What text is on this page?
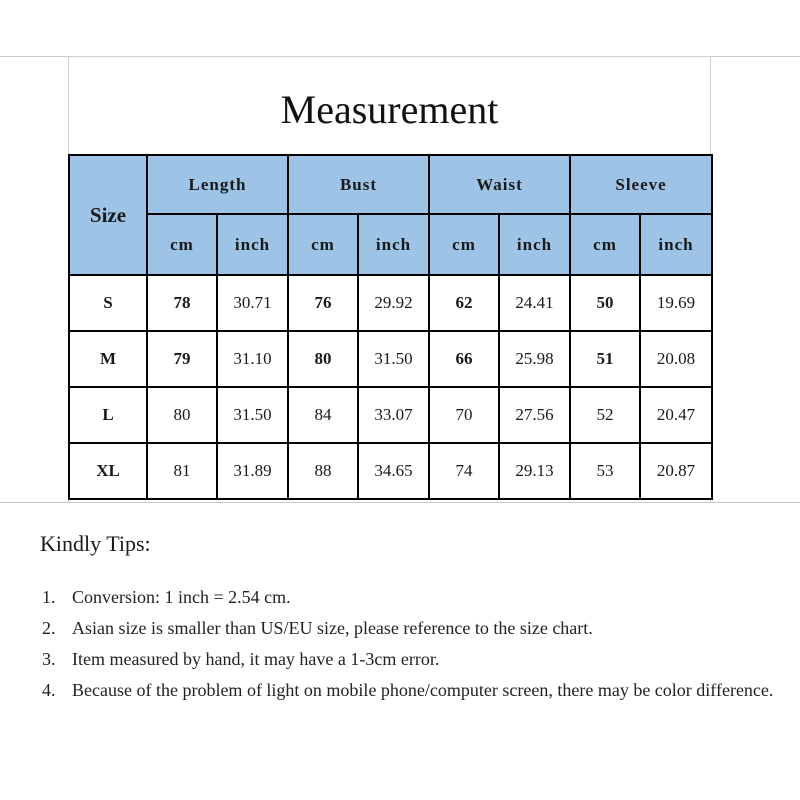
Measurement
Size	Length		Bust		Waist		Sleeve	
	cm	inch	cm	inch	cm	inch	cm	inch
S	78	30.71	76	29.92	62	24.41	50	19.69
M	79	31.10	80	31.50	66	25.98	51	20.08
L	80	31.50	84	33.07	70	27.56	52	20.47
XL	81	31.89	88	34.65	74	29.13	53	20.87
Kindly Tips:
1. Conversion: 1 inch = 2.54 cm.
2. Asian size is smaller than US/EU size, please reference to the size chart.
3. Item measured by hand, it may have a 1-3cm error.
4. Because of the problem of light on mobile phone/computer screen, there may be color difference.
